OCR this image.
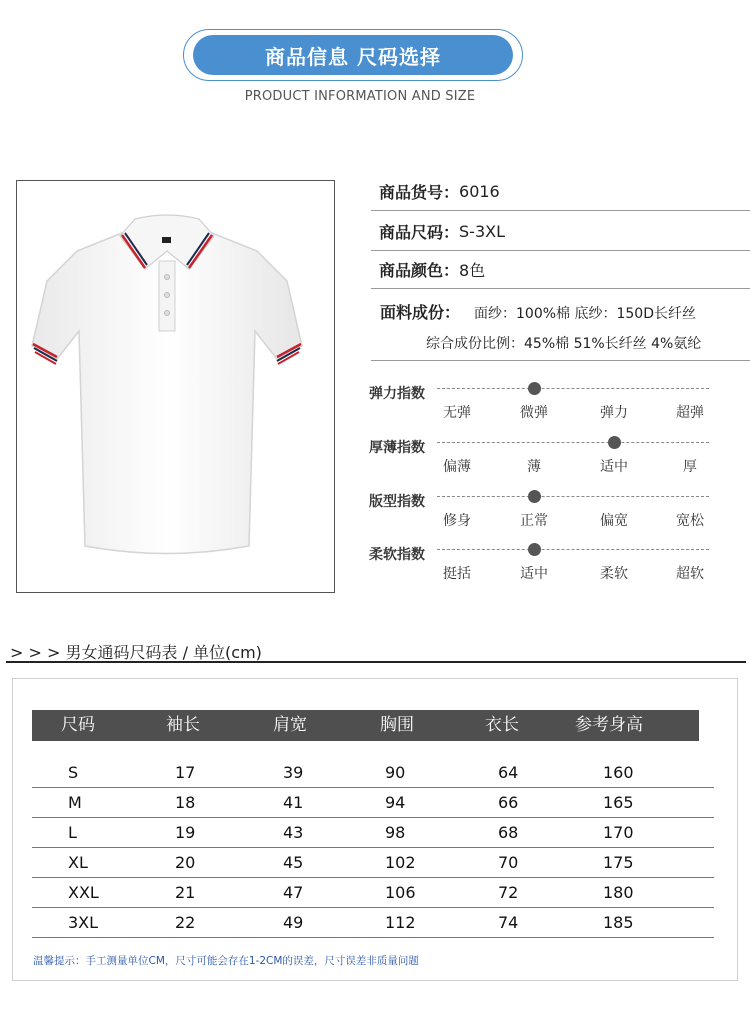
商品信息 尺码选择
PRODUCT INFORMATION AND SIZE
商品货号： 6016
商品尺码： S-3XL
商品颜色： 8色
面料成份： 面纱：100%棉 底纱：150D长纤丝
综合成份比例：45%棉 51%长纤丝 4%氨纶
弹力指数
无弹	微弹	弹力	超弹
厚薄指数
偏薄	薄	适中	厚
版型指数
修身	正常	偏宽	宽松
柔软指数
挺括	适中	柔软	超软
> > > 男女通码尺码表 / 单位(cm)
尺码	袖长	肩宽	胸围	衣长	参考身高
S	17	39	90	64	160
M	18	41	94	66	165
L	19	43	98	68	170
XL	20	45	102	70	175
XXL	21	47	106	72	180
3XL	22	49	112	74	185
温馨提示：手工测量单位CM，尺寸可能会存在1-2CM的误差，尺寸误差非质量问题
